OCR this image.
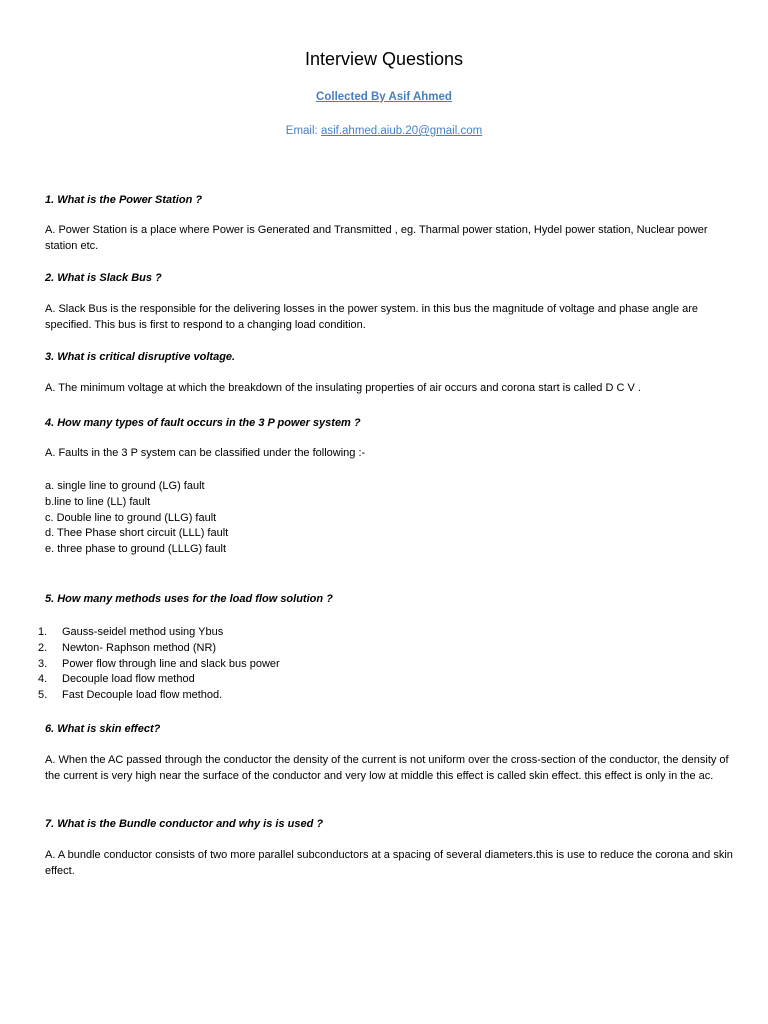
Interview Questions
Collected By Asif Ahmed
Email: asif.ahmed.aiub.20@gmail.com
1. What is the Power Station ?
A. Power Station is a place where Power is Generated and Transmitted , eg. Tharmal power station, Hydel power station, Nuclear power station etc.
2. What is Slack Bus ?
A. Slack Bus is the responsible for the delivering losses in the power system. in this bus the magnitude of voltage and phase angle are specified. This bus is first to respond to a changing load condition.
3. What is critical disruptive voltage.
A. The minimum voltage at which the breakdown of the insulating properties of air occurs and corona start is called D C V .
4. How many types of fault occurs in the 3 P power system ?
A. Faults in the 3 P system can be classified under the following :-
a. single line to ground (LG) fault
b.line to line (LL) fault
c. Double line to ground (LLG) fault
d. Thee Phase short circuit (LLL) fault
e. three phase to ground (LLLG) fault
5. How many methods uses for the load flow solution ?
1. Gauss-seidel method using Ybus
2. Newton- Raphson method (NR)
3. Power flow through line and slack bus power
4. Decouple load flow method
5. Fast Decouple load flow method.
6. What is skin effect?
A. When the AC passed through the conductor the density of the current is not uniform over the cross-section of the conductor, the density of the current is very high near the surface of the conductor and very low at middle this effect is called skin effect. this effect is only in the ac.
7. What is the Bundle conductor and why is is used ?
A. A bundle conductor consists of two more parallel subconductors at a spacing of several diameters.this is use to reduce the corona and skin effect.
